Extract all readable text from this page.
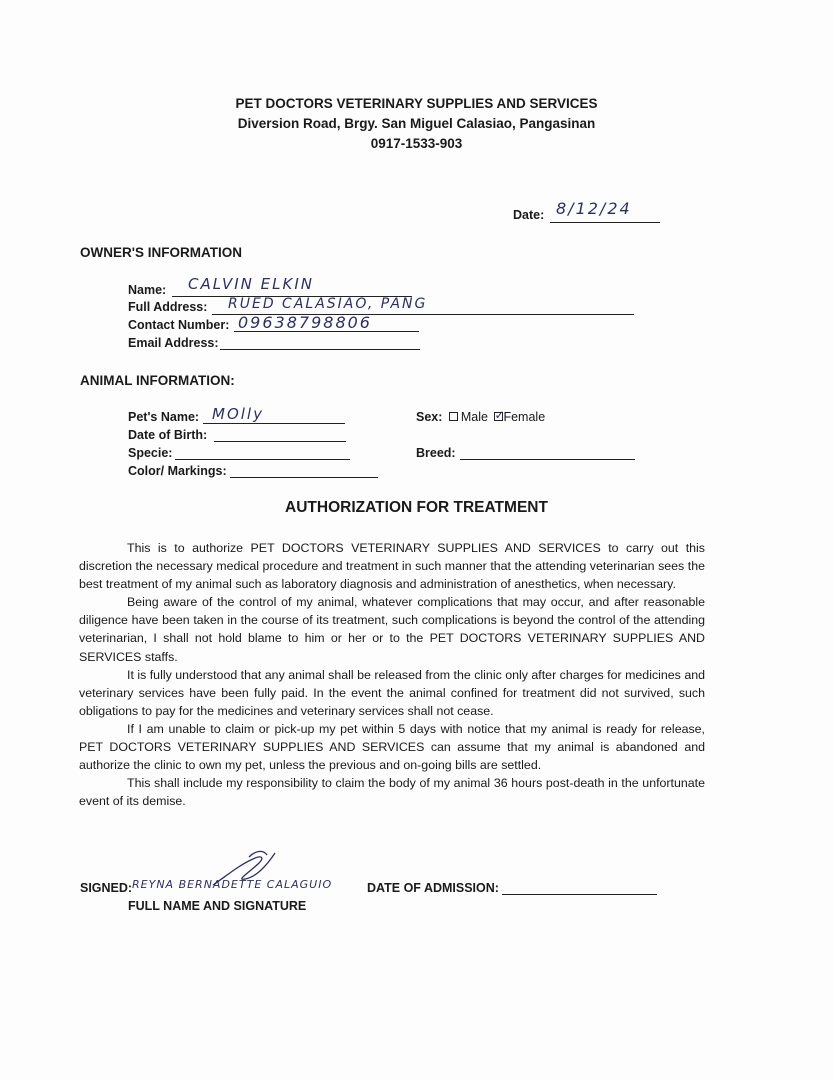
PET DOCTORS VETERINARY SUPPLIES AND SERVICES
Diversion Road, Brgy. San Miguel Calasiao, Pangasinan
0917-1533-903
Date: 8/12/24
OWNER'S INFORMATION
Name: CALVIN ELKIN
Full Address: RUED CALASIAO, PANG
Contact Number: 09638798806
Email Address:
ANIMAL INFORMATION:
Pet's Name: MOlly
Date of Birth:
Specie:
Color/ Markings:
Sex: Male ✓
Female
Breed:
AUTHORIZATION FOR TREATMENT

This is to authorize PET DOCTORS VETERINARY SUPPLIES AND SERVICES to carry out this discretion the necessary medical procedure and treatment in such manner that the attending veterinarian sees the best treatment of my animal such as laboratory diagnosis and administration of anesthetics, when necessary.

Being aware of the control of my animal, whatever complications that may occur, and after reasonable diligence have been taken in the course of its treatment, such complications is beyond the control of the attending veterinarian, I shall not hold blame to him or her or to the PET DOCTORS VETERINARY SUPPLIES AND SERVICES staffs.

It is fully understood that any animal shall be released from the clinic only after charges for medicines and veterinary services have been fully paid. In the event the animal confined for treatment did not survived, such obligations to pay for the medicines and veterinary services shall not cease.

If I am unable to claim or pick-up my pet within 5 days with notice that my animal is ready for release, PET DOCTORS VETERINARY SUPPLIES AND SERVICES can assume that my animal is abandoned and authorize the clinic to own my pet, unless the previous and on-going bills are settled.

This shall include my responsibility to claim the body of my animal 36 hours post-death in the unfortunate event of its demise.

SIGNED: REYNA BERNADETTE CALAGUIO
FULL NAME AND SIGNATURE
DATE OF ADMISSION:
